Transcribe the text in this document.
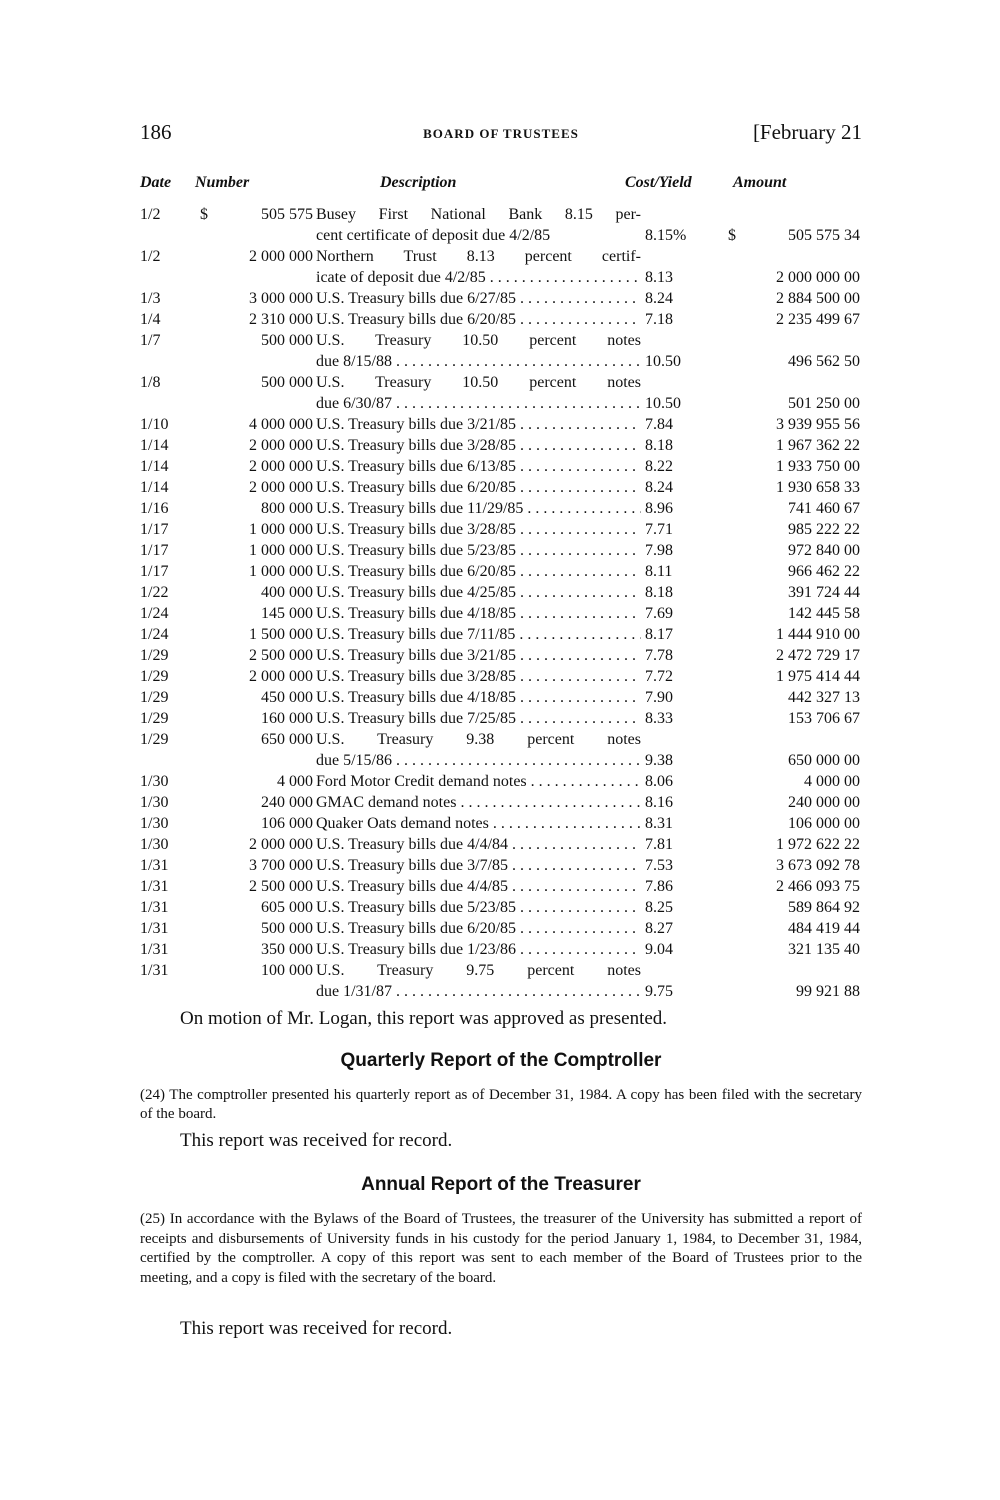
186	BOARD OF TRUSTEES	[February 21
Date Number	Description	Cost/Yield	Amount
1/2 $	505 575 Busey First National Bank 8.15 per-
cent certificate of deposit due 4/2/85	8.15%	$	505 575 34
1/2	2 000 000 Northern Trust 8.13 percent certif-
icate of deposit due 4/2/85 . . .	8.13	2 000 000 00
1/3	3 000 000 U.S. Treasury bills due 6/27/85 . . .	8.24	2 884 500 00
1/4	2 310 000 U.S. Treasury bills due 6/20/85 . . .	7.18	2 235 499 67
1/7	500 000 U.S. Treasury 10.50 percent notes
due 8/15/88 . . .	10.50	496 562 50
1/8	500 000 U.S. Treasury 10.50 percent notes
due 6/30/87 . . .	10.50	501 250 00
1/10	4 000 000 U.S. Treasury bills due 3/21/85 . . .	7.84	3 939 955 56
1/14	2 000 000 U.S. Treasury bills due 3/28/85 . . .	8.18	1 967 362 22
1/14	2 000 000 U.S. Treasury bills due 6/13/85 . . .	8.22	1 933 750 00
1/14	2 000 000 U.S. Treasury bills due 6/20/85 . . .	8.24	1 930 658 33
1/16	800 000 U.S. Treasury bills due 11/29/85 . . .	8.96	741 460 67
1/17	1 000 000 U.S. Treasury bills due 3/28/85 . . .	7.71	985 222 22
1/17	1 000 000 U.S. Treasury bills due 5/23/85 . . .	7.98	972 840 00
1/17	1 000 000 U.S. Treasury bills due 6/20/85 . . .	8.11	966 462 22
1/22	400 000 U.S. Treasury bills due 4/25/85 . . .	8.18	391 724 44
1/24	145 000 U.S. Treasury bills due 4/18/85 . . .	7.69	142 445 58
1/24	1 500 000 U.S. Treasury bills due 7/11/85 . . .	8.17	1 444 910 00
1/29	2 500 000 U.S. Treasury bills due 3/21/85 . . .	7.78	2 472 729 17
1/29	2 000 000 U.S. Treasury bills due 3/28/85 . . .	7.72	1 975 414 44
1/29	450 000 U.S. Treasury bills due 4/18/85 . . .	7.90	442 327 13
1/29	160 000 U.S. Treasury bills due 7/25/85 . . .	8.33	153 706 67
1/29	650 000 U.S. Treasury 9.38 percent notes
due 5/15/86 . . .	9.38	650 000 00
1/30	4 000 Ford Motor Credit demand notes . . .	8.06	4 000 00
1/30	240 000 GMAC demand notes . . .	8.16	240 000 00
1/30	106 000 Quaker Oats demand notes . . .	8.31	106 000 00
1/30	2 000 000 U.S. Treasury bills due 4/4/84 . . .	7.81	1 972 622 22
1/31	3 700 000 U.S. Treasury bills due 3/7/85 . . .	7.53	3 673 092 78
1/31	2 500 000 U.S. Treasury bills due 4/4/85 . . .	7.86	2 466 093 75
1/31	605 000 U.S. Treasury bills due 5/23/85 . . .	8.25	589 864 92
1/31	500 000 U.S. Treasury bills due 6/20/85 . . .	8.27	484 419 44
1/31	350 000 U.S. Treasury bills due 1/23/86 . . .	9.04	321 135 40
1/31	100 000 U.S. Treasury 9.75 percent notes
due 1/31/87 . . .	9.75	99 921 88
On motion of Mr. Logan, this report was approved as presented.
Quarterly Report of the Comptroller
(24) The comptroller presented his quarterly report as of December 31, 1984. A copy has been filed with the secretary of the board.
This report was received for record.
Annual Report of the Treasurer
(25) In accordance with the Bylaws of the Board of Trustees, the treasurer of the University has submitted a report of receipts and disbursements of University funds in his custody for the period January 1, 1984, to December 31, 1984, certified by the comptroller. A copy of this report was sent to each member of the Board of Trustees prior to the meeting, and a copy is filed with the secretary of the board.
This report was received for record.
